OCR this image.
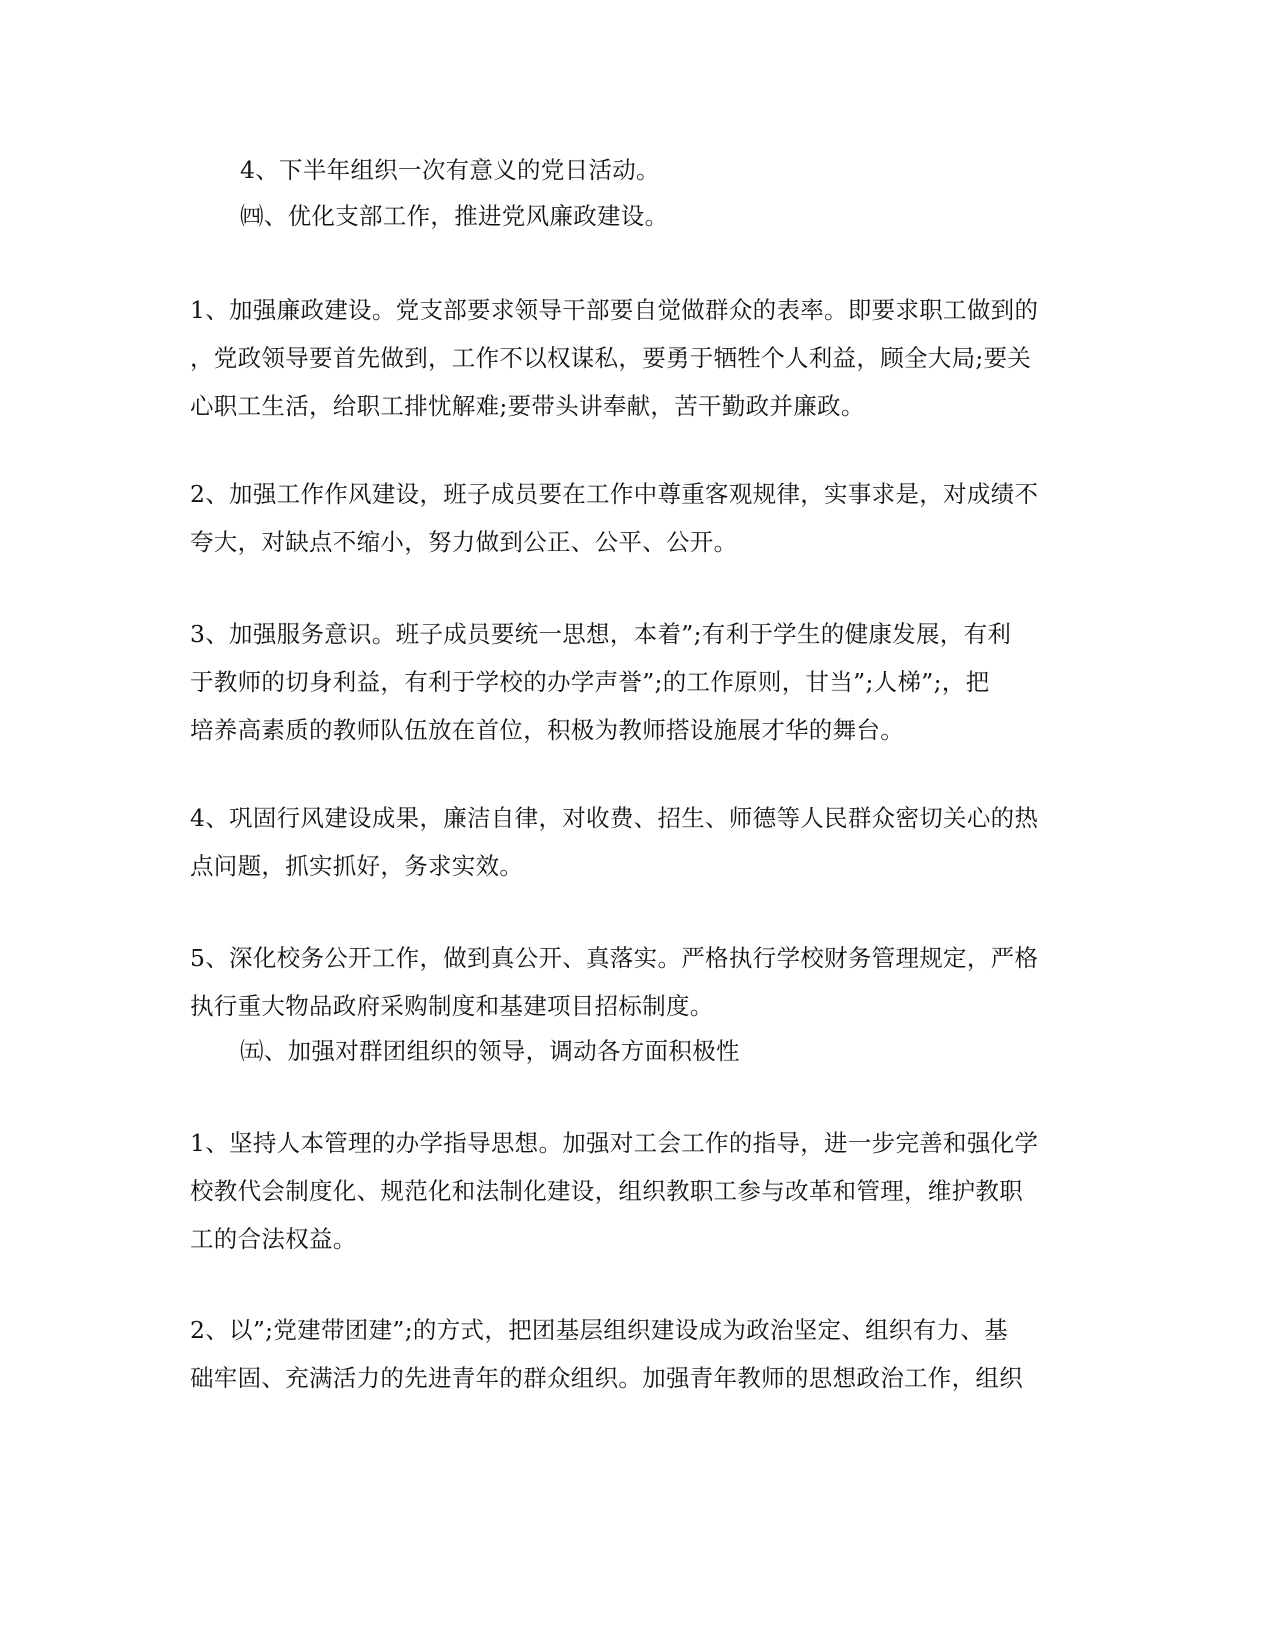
4、下半年组织一次有意义的党日活动。
㈣、优化支部工作，推进党风廉政建设。
1、加强廉政建设。党支部要求领导干部要自觉做群众的表率。即要求职工做到的
，党政领导要首先做到，工作不以权谋私，要勇于牺牲个人利益，顾全大局;要关
心职工生活，给职工排忧解难;要带头讲奉献，苦干勤政并廉政。
2、加强工作作风建设，班子成员要在工作中尊重客观规律，实事求是，对成绩不
夸大，对缺点不缩小，努力做到公正、公平、公开。
3、加强服务意识。班子成员要统一思想，本着”;有利于学生的健康发展，有利
于教师的切身利益，有利于学校的办学声誉”;的工作原则，甘当”;人梯”;，把
培养高素质的教师队伍放在首位，积极为教师搭设施展才华的舞台。
4、巩固行风建设成果，廉洁自律，对收费、招生、师德等人民群众密切关心的热
点问题，抓实抓好，务求实效。
5、深化校务公开工作，做到真公开、真落实。严格执行学校财务管理规定，严格
执行重大物品政府采购制度和基建项目招标制度。
㈤、加强对群团组织的领导，调动各方面积极性
1、坚持人本管理的办学指导思想。加强对工会工作的指导，进一步完善和强化学
校教代会制度化、规范化和法制化建设，组织教职工参与改革和管理，维护教职
工的合法权益。
2、以”;党建带团建”;的方式，把团基层组织建设成为政治坚定、组织有力、基
础牢固、充满活力的先进青年的群众组织。加强青年教师的思想政治工作，组织
